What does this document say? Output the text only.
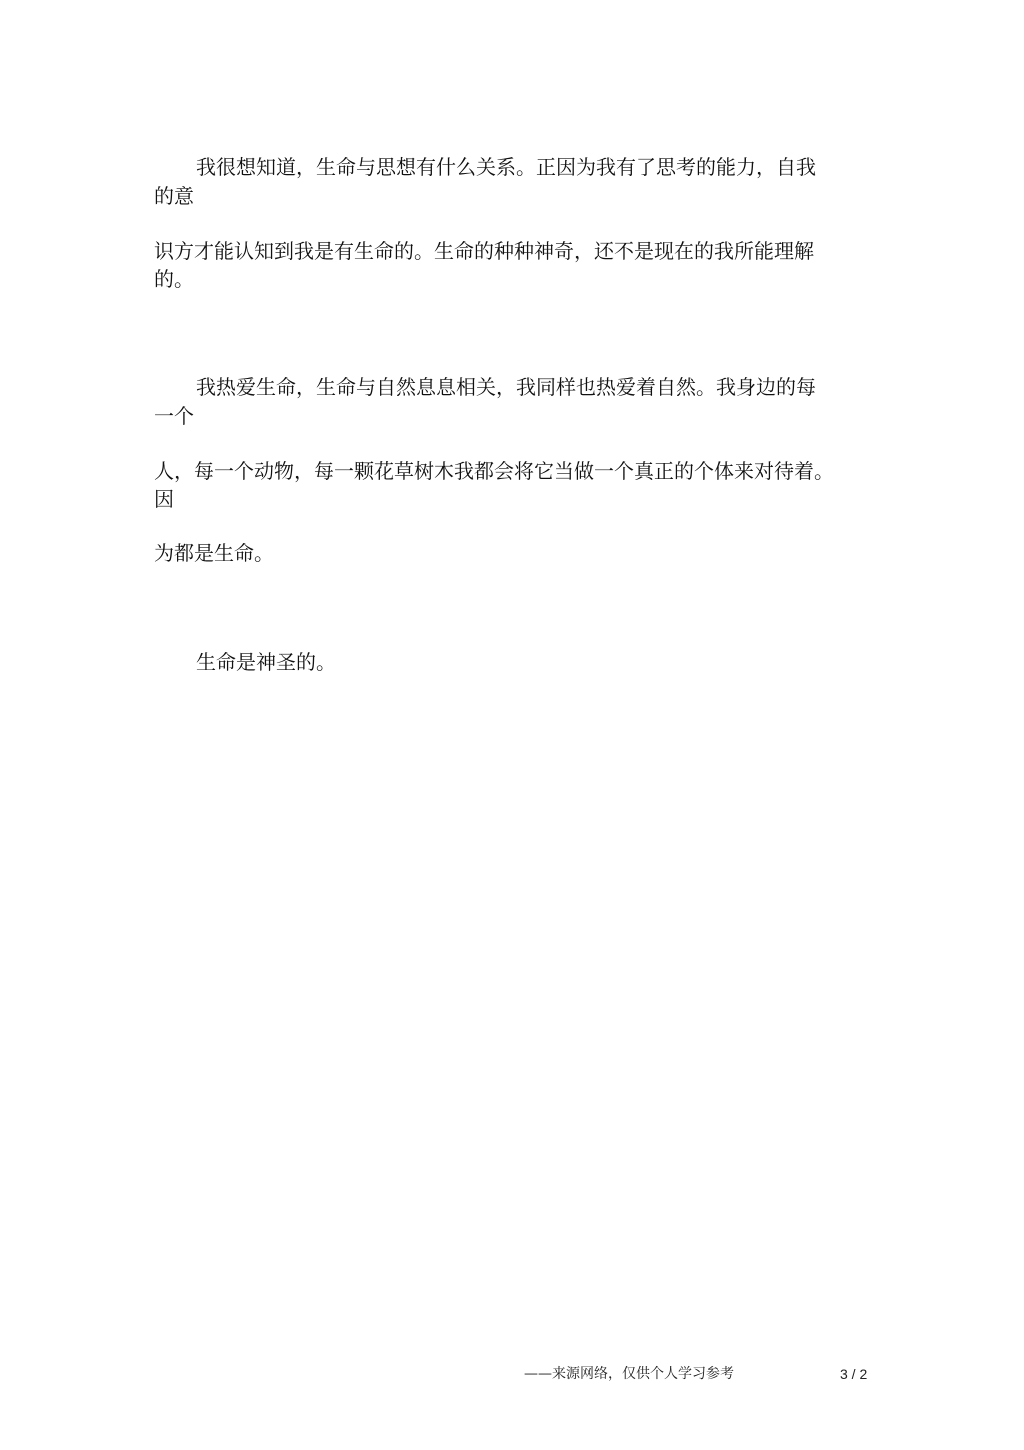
我很想知道，生命与思想有什么关系。正因为我有了思考的能力，自我
的意
识方才能认知到我是有生命的。生命的种种神奇，还不是现在的我所能理解
的。
我热爱生命，生命与自然息息相关，我同样也热爱着自然。我身边的每
一个
人，每一个动物，每一颗花草树木我都会将它当做一个真正的个体来对待着。
因
为都是生命。
生命是神圣的。
——来源网络，仅供个人学习参考	3 / 2
